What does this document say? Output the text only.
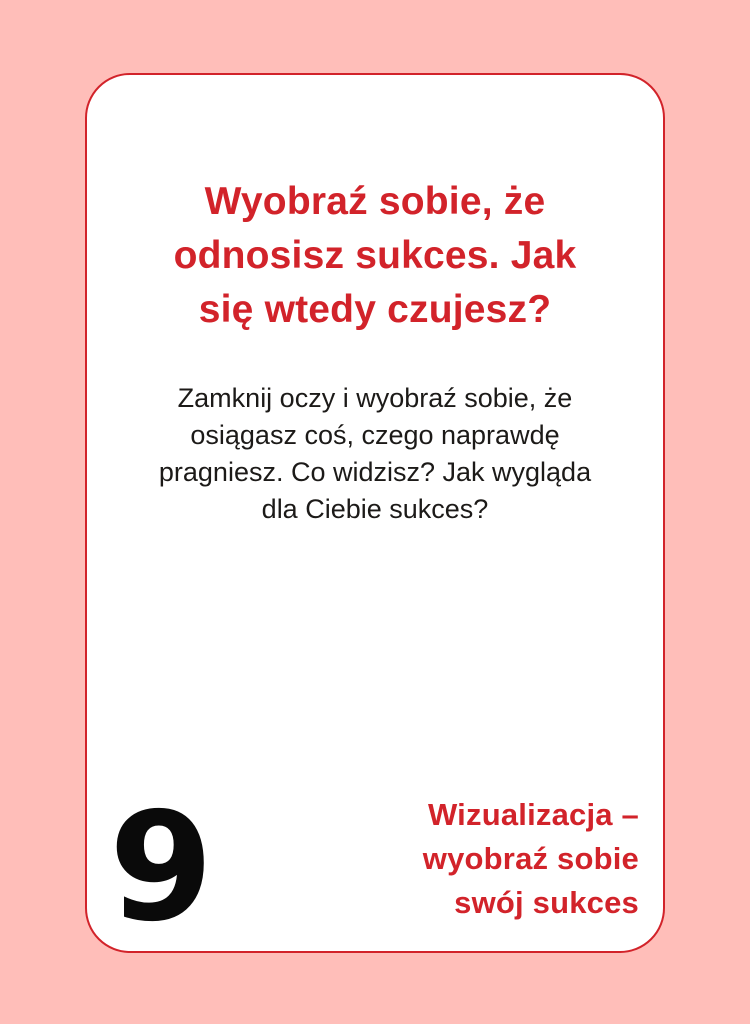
Wyobraź sobie, że
odnosisz sukces. Jak
się wtedy czujesz?

Zamknij oczy i wyobraź sobie, że
osiągasz coś, czego naprawdę
pragniesz. Co widzisz? Jak wygląda
dla Ciebie sukces?

9	Wizualizacja –
wyobraź sobie
swój sukces
